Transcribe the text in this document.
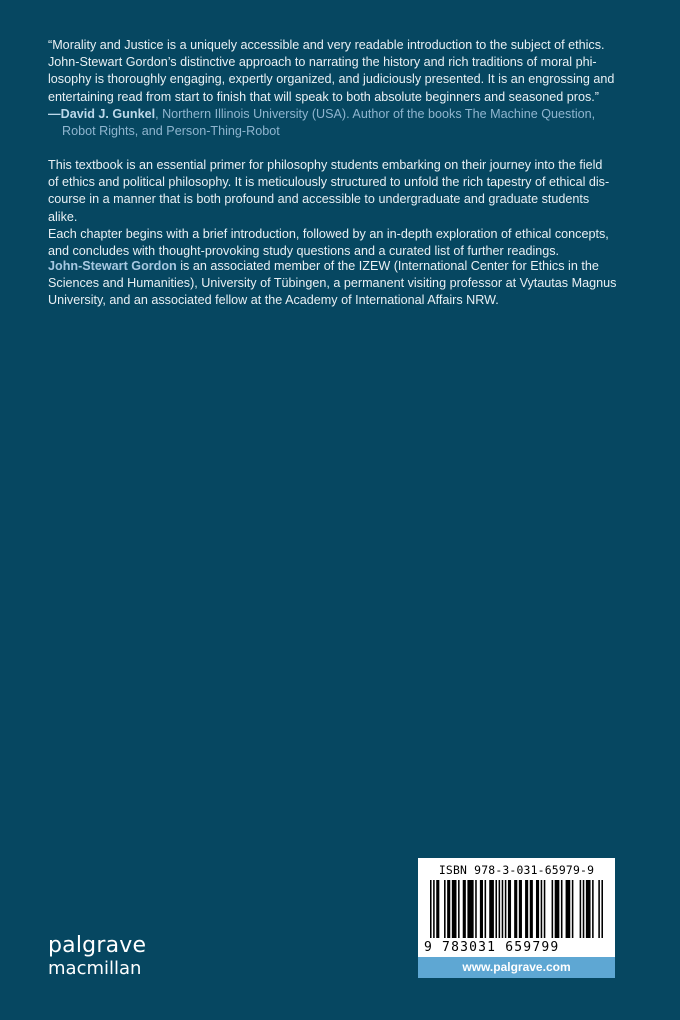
“Morality and Justice is a uniquely accessible and very readable introduction to the subject of ethics.
John-Stewart Gordon’s distinctive approach to narrating the history and rich traditions of moral phi-
losophy is thoroughly engaging, expertly organized, and judiciously presented. It is an engrossing and
entertaining read from start to finish that will speak to both absolute beginners and seasoned pros.”
—David J. Gunkel, Northern Illinois University (USA). Author of the books The Machine Question,
Robot Rights, and Person-Thing-Robot
This textbook is an essential primer for philosophy students embarking on their journey into the field
of ethics and political philosophy. It is meticulously structured to unfold the rich tapestry of ethical dis-
course in a manner that is both profound and accessible to undergraduate and graduate students alike.
Each chapter begins with a brief introduction, followed by an in-depth exploration of ethical concepts,
and concludes with thought-provoking study questions and a curated list of further readings.
John-Stewart Gordon is an associated member of the IZEW (International Center for Ethics in the
Sciences and Humanities), University of Tübingen, a permanent visiting professor at Vytautas Magnus
University, and an associated fellow at the Academy of International Affairs NRW.
palgrave
macmillan
ISBN 978-3-031-65979-9
9 783031 659799
www.palgrave.com
